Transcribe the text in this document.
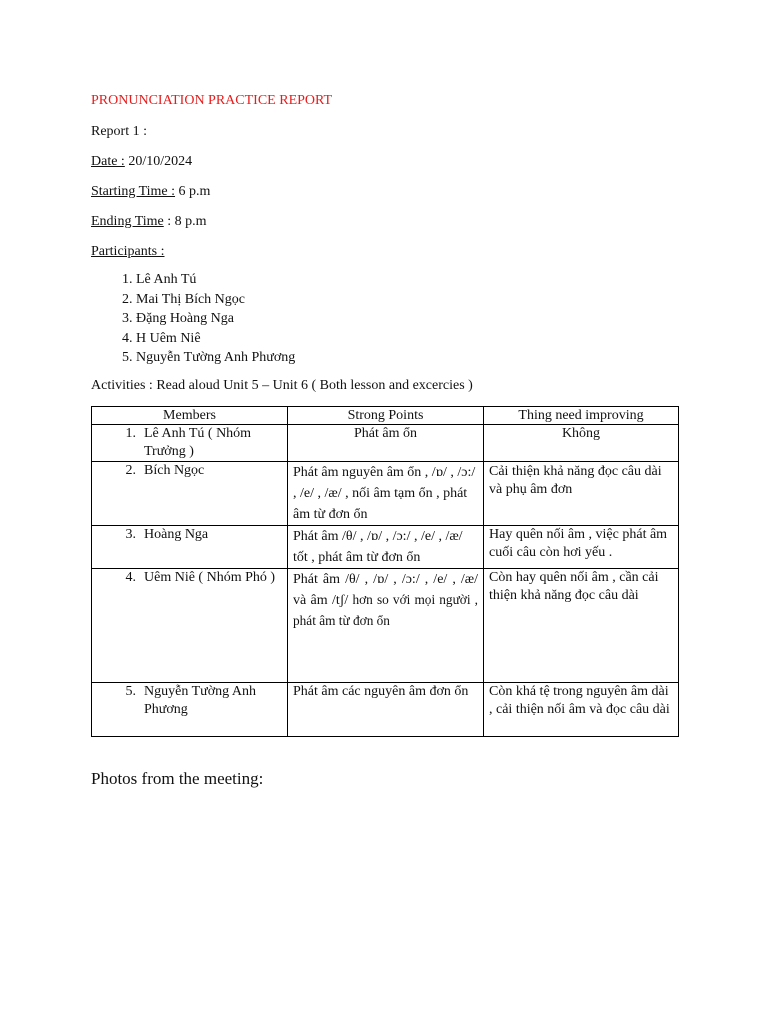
PRONUNCIATION PRACTICE REPORT

Report 1 :

Date : 20/10/2024

Starting Time : 6 p.m

Ending Time : 8 p.m

Participants :

1. Lê Anh Tú
2. Mai Thị Bích Ngọc
3. Đặng Hoàng Nga
4. H Uêm Niê
5. Nguyễn Tường Anh Phương

Activities : Read aloud Unit 5 – Unit 6 ( Both lesson and excercies )

Members	Strong Points	Thing need improving

1. Lê Anh Tú ( Nhóm Trưởng )	Phát âm ổn	Không

2. Bích Ngọc	Phát âm nguyên âm ổn , /ɒ/ , /ɔ:/ , /e/ , /æ/ , nối âm tạm ổn , phát âm từ đơn ổn	Cải thiện khả năng đọc câu dài và phụ âm đơn

3. Hoàng Nga	Phát âm /θ/ , /ɒ/ , /ɔ:/ , /e/ , /æ/ tốt , phát âm từ đơn ổn	Hay quên nối âm , việc phát âm cuối câu còn hơi yếu .

4. Uêm Niê ( Nhóm Phó )	Phát âm /θ/ , /ɒ/ , /ɔ:/ , /e/ , /æ/ và âm /tʃ/ hơn so với mọi người , phát âm từ đơn ổn	Còn hay quên nối âm , cần cải thiện khả năng đọc câu dài

5. Nguyễn Tường Anh Phương	Phát âm các nguyên âm đơn ổn	Còn khá tệ trong nguyên âm dài , cải thiện nối âm và đọc câu dài

Photos from the meeting:
